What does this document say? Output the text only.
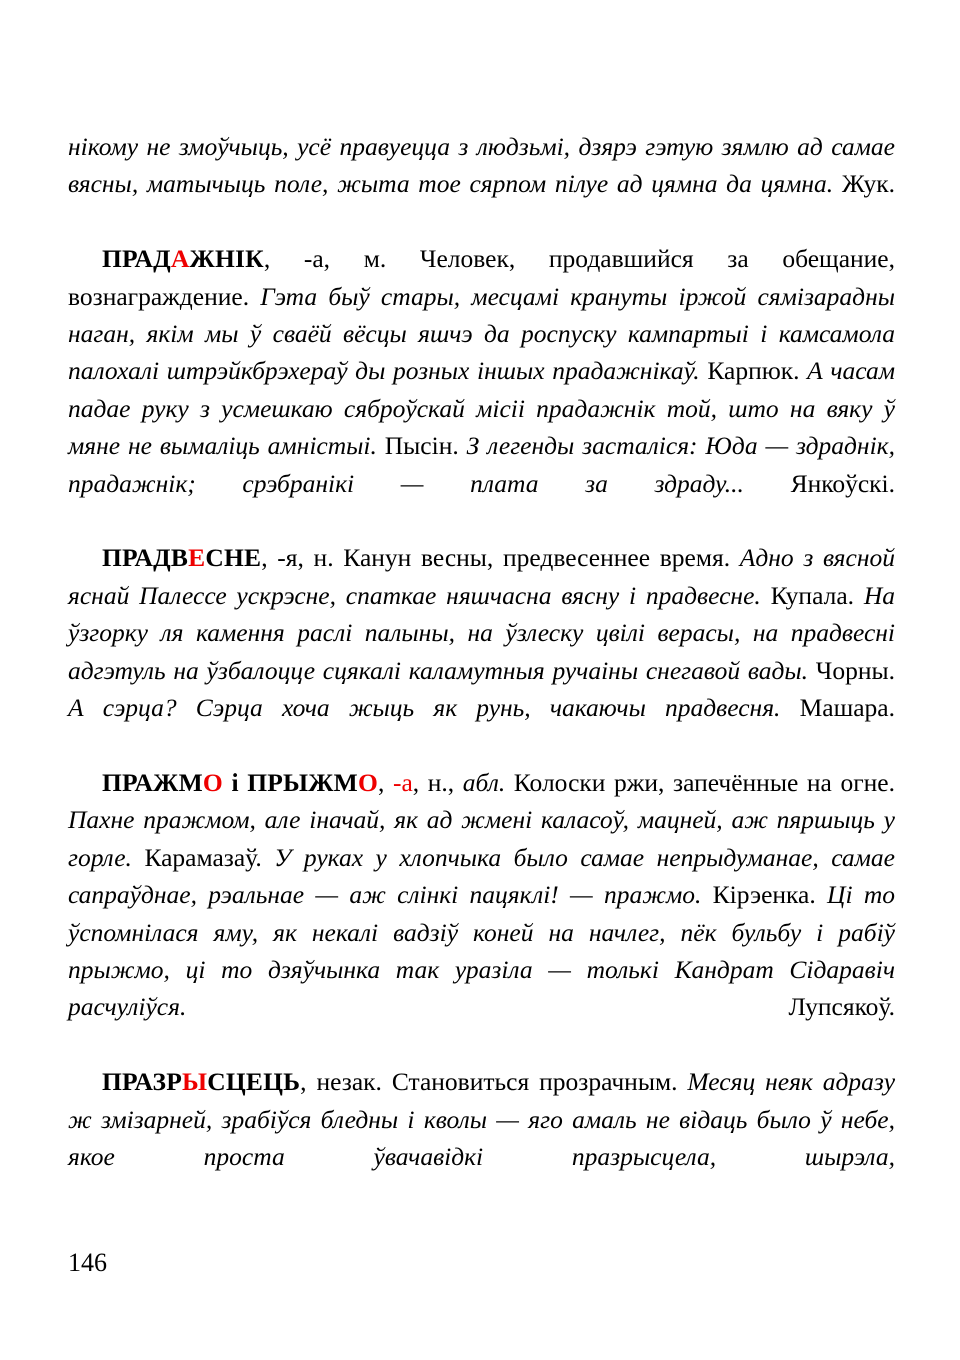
нікому не змоўчыць, усё правуецца з людзьмі, дзярэ гэтую зямлю ад самае вясны, матычыць поле, жыта тое сярпом пілуе ад цямна да цямна. Жук.

ПРАДАЖНІК, -а, м. Человек, продавшийся за обещание, вознаграждение. Гэта быў стары, месцамі крануты іржой сямізарадны наган, якім мы ў сваёй вёсцы яшчэ да роспуску кампартыі і камсамола палохалі штрэйкбрэхераў ды розных іншых прадажнікаў. Карпюк. А часам падае руку з усмешкаю сяброўскай місіі прадажнік той, што на вяку ў мяне не вымаліць амністыі. Пысін. З легенды засталіся: Юда — здраднік, прадажнік; срэбранікі — плата за здраду... Янкоўскі.

ПРАДВЕСНЕ, -я, н. Канун весны, предвесеннее время. Адно з вясной яснай Палессе ускрэсне, спаткае няшчасна вясну і прадвесне. Купала. На ўзгорку ля камення раслі палыны, на ўзлеску цвілі верасы, на прадвесні адгэтуль на ўзбалоцце сцякалі каламутныя ручаіны снегавой вады. Чорны. А сэрца? Сэрца хоча жыць як рунь, чакаючы прадвесня. Машара.

ПРАЖМО і ПРЫЖМО, -а, н., абл. Колоски ржи, запечённые на огне. Пахне пражмом, але іначай, як ад жмені каласоў, мацней, аж пяршыць у горле. Карамазаў. У руках у хлопчыка было самае непрыдуманае, самае сапраўднае, рэальнае — аж слінкі пацяклі! — пражмо. Кірэенка. Ці то ўспомнілася яму, як некалі вадзіў коней на начлег, пёк бульбу і рабіў прыжмо, ці то дзяўчынка так уразіла — толькі Кандрат Сідаравіч расчуліўся. Лупсякоў.

ПРАЗРЫСЦЕЦЬ, незак. Становиться прозрачным. Месяц неяк адразу ж змізарней, зрабіўся бледны і кволы — яго амаль не відаць было ў небе, якое проста ўвачавідкі празрысцела, шырэла,

146
